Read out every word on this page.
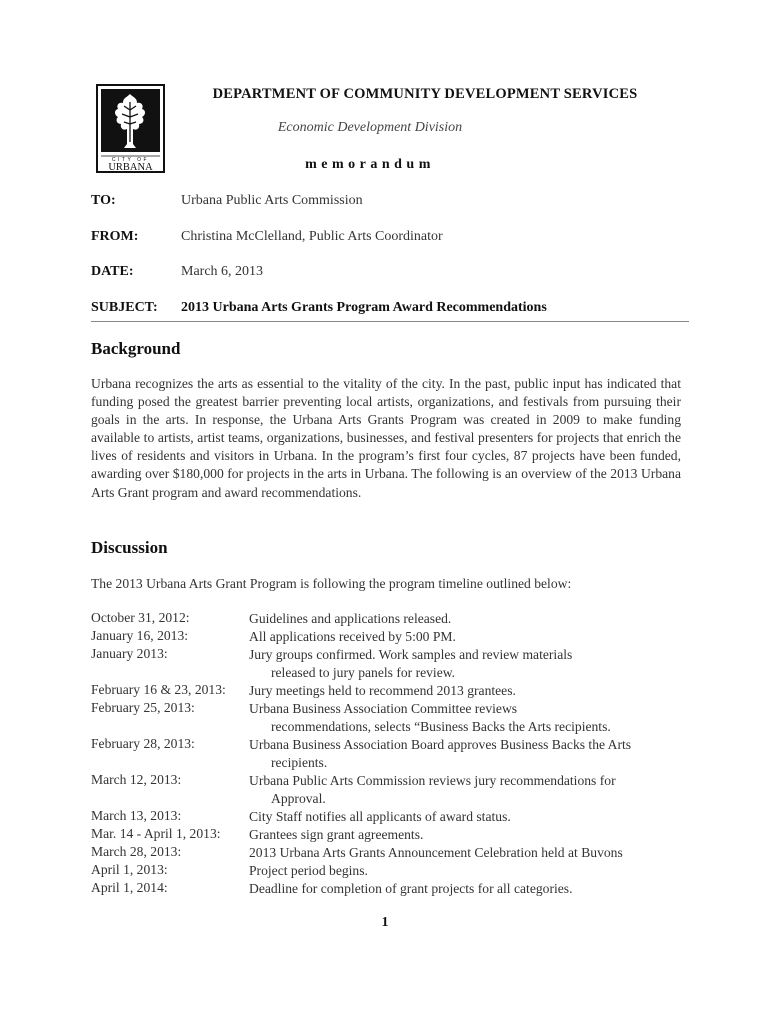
CITY OF
URBANA
DEPARTMENT OF COMMUNITY DEVELOPMENT SERVICES
Economic Development Division
memorandum
TO:	Urbana Public Arts Commission
FROM:	Christina McClelland, Public Arts Coordinator
DATE:	March 6, 2013
SUBJECT:	2013 Urbana Arts Grants Program Award Recommendations
Background

Urbana recognizes the arts as essential to the vitality of the city. In the past, public input has indicated that funding posed the greatest barrier preventing local artists, organizations, and festivals from pursuing their goals in the arts. In response, the Urbana Arts Grants Program was created in 2009 to make funding available to artists, artist teams, organizations, businesses, and festival presenters for projects that enrich the lives of residents and visitors in Urbana. In the program’s first four cycles, 87 projects have been funded, awarding over $180,000 for projects in the arts in Urbana. The following is an overview of the 2013 Urbana Arts Grant program and award recommendations.

Discussion

The 2013 Urbana Arts Grant Program is following the program timeline outlined below:

October 31, 2012:	Guidelines and applications released.
January 16, 2013:	All applications received by 5:00 PM.
January 2013:	Jury groups confirmed. Work samples and review materials
released to jury panels for review.
February 16 & 23, 2013:	Jury meetings held to recommend 2013 grantees.
February 25, 2013:	Urbana Business Association Committee reviews
recommendations, selects “Business Backs the Arts recipients.
February 28, 2013:	Urbana Business Association Board approves Business Backs the Arts
recipients.
March 12, 2013:	Urbana Public Arts Commission reviews jury recommendations for
Approval.
March 13, 2013:	City Staff notifies all applicants of award status.
Mar. 14 - April 1, 2013:	Grantees sign grant agreements.
March 28, 2013:	2013 Urbana Arts Grants Announcement Celebration held at Buvons
April 1, 2013:	Project period begins.
April 1, 2014:	Deadline for completion of grant projects for all categories.
1
